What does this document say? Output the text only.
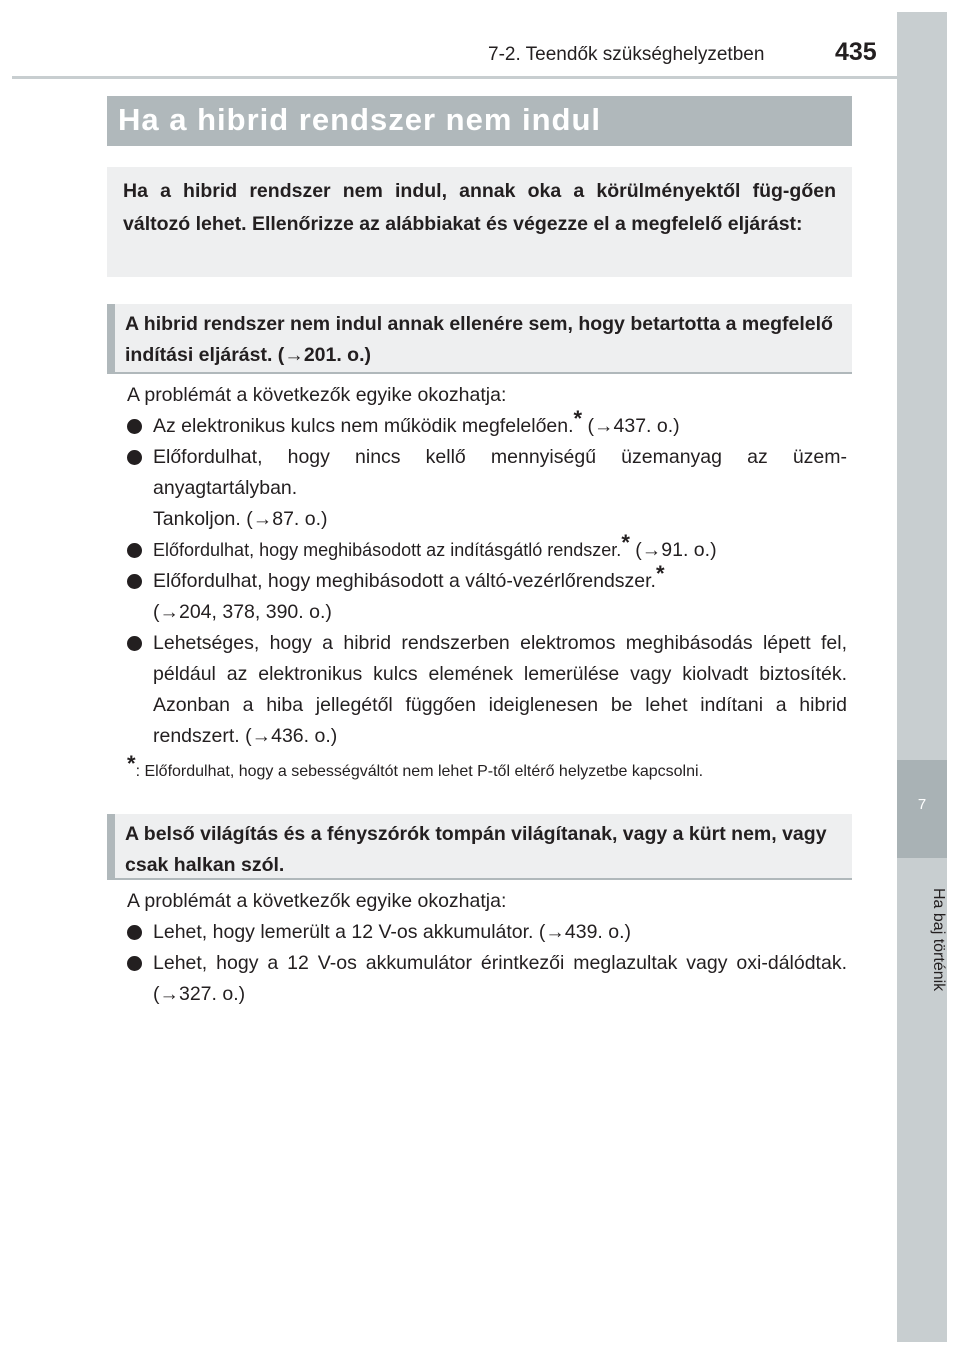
7-2. Teendők szükséghelyzetben	435
7
Ha baj történik
Ha a hibrid rendszer nem indul
Ha a hibrid rendszer nem indul, annak oka a körülményektől füg-gően változó lehet. Ellenőrizze az alábbiakat és végezze el a megfelelő eljárást:
A hibrid rendszer nem indul annak ellenére sem, hogy betartotta a megfelelő indítási eljárást. (→201. o.)

A problémát a következők egyike okozhatja:

Az elektronikus kulcs nem működik megfelelően.* (→437. o.)

Előfordulhat, hogy nincs kellő mennyiségű üzemanyag az üzem-anyagtartályban.
Tankoljon. (→87. o.)

Előfordulhat, hogy meghibásodott az indításgátló rendszer.* (→91. o.)

Előfordulhat, hogy meghibásodott a váltó-vezérlőrendszer.*
(→204, 378, 390. o.)

Lehetséges, hogy a hibrid rendszerben elektromos meghibásodás lépett fel, például az elektronikus kulcs elemének lemerülése vagy kiolvadt biztosíték. Azonban a hiba jellegétől függően ideiglenesen be lehet indítani a hibrid rendszert. (→436. o.)

*: Előfordulhat, hogy a sebességváltót nem lehet P-től eltérő helyzetbe kapcsolni.

A belső világítás és a fényszórók tompán világítanak, vagy a kürt nem, vagy csak halkan szól.

A problémát a következők egyike okozhatja:

Lehet, hogy lemerült a 12 V-os akkumulátor. (→439. o.)

Lehet, hogy a 12 V-os akkumulátor érintkezői meglazultak vagy oxi-dálódtak. (→327. o.)
